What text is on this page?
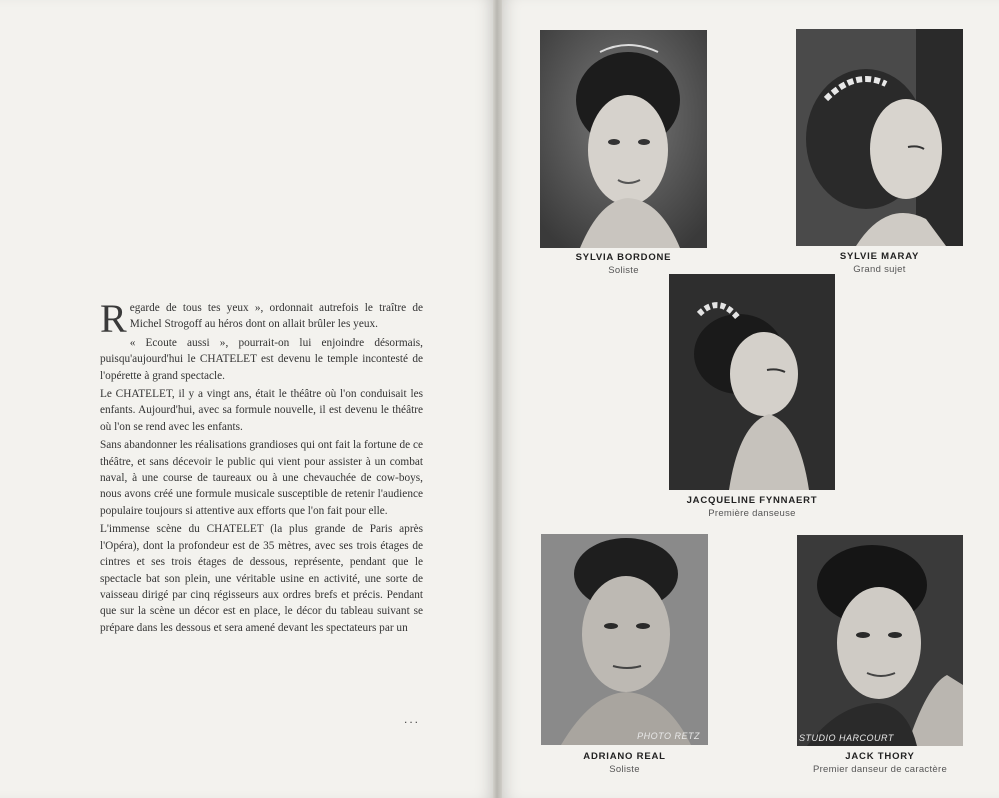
Regarde de tous tes yeux », ordonnait autrefois le traître de Michel Strogoff au héros dont on allait brûler les yeux.

« Ecoute aussi », pourrait-on lui enjoindre désormais, puisqu'aujourd'hui le CHATELET est devenu le temple incontesté de l'opérette à grand spectacle.

Le CHATELET, il y a vingt ans, était le théâtre où l'on conduisait les enfants. Aujourd'hui, avec sa formule nouvelle, il est devenu le théâtre où l'on se rend avec les enfants.

Sans abandonner les réalisations grandioses qui ont fait la fortune de ce théâtre, et sans décevoir le public qui vient pour assister à un combat naval, à une course de taureaux ou à une chevauchée de cow-boys, nous avons créé une formule musicale susceptible de retenir l'audience populaire toujours si attentive aux efforts que l'on fait pour elle.

L'immense scène du CHATELET (la plus grande de Paris après l'Opéra), dont la profondeur est de 35 mètres, avec ses trois étages de cintres et ses trois étages de dessous, représente, pendant que le spectacle bat son plein, une véritable usine en activité, une sorte de vaisseau dirigé par cinq régisseurs aux ordres brefs et précis. Pendant que sur la scène un décor est en place, le décor du tableau suivant se prépare dans les dessous et sera amené devant les spectateurs par un

...
SYLVIA BORDONE
Soliste
SYLVIE MARAY
Grand sujet
JACQUELINE FYNNAERT
Première danseuse
PHOTO RETZ
ADRIANO REAL
Soliste
STUDIO HARCOURT
JACK THORY
Premier danseur de caractère
